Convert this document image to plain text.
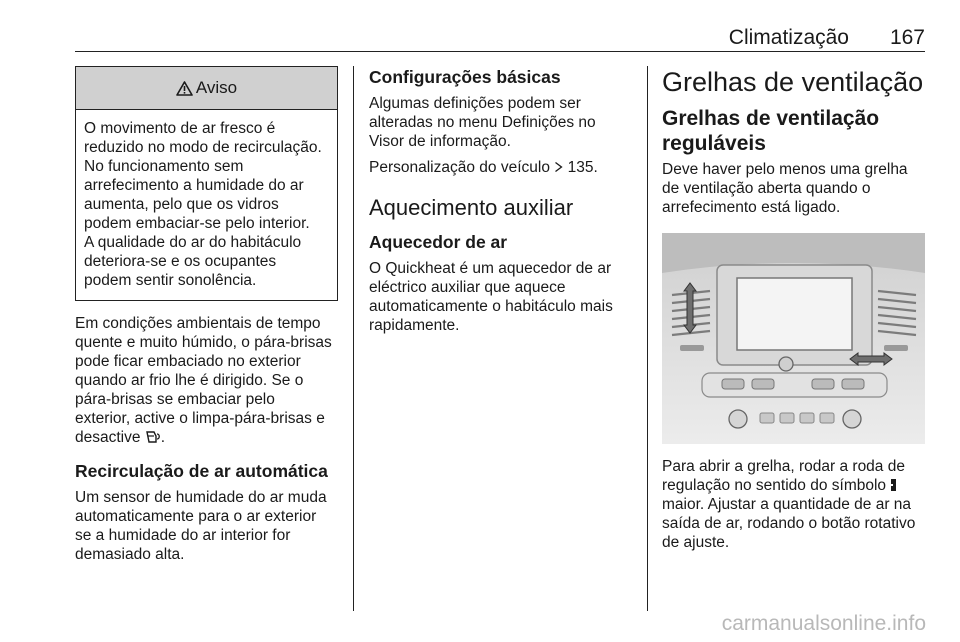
Climatização 167
Aviso
O movimento de ar fresco é
reduzido no modo de recirculação.
No funcionamento sem
arrefecimento a humidade do ar
aumenta, pelo que os vidros
podem embaciar-se pelo interior.
A qualidade do ar do habitáculo
deteriora-se e os ocupantes
podem sentir sonolência.

Em condições ambientais de tempo
quente e muito húmido, o pára-brisas
pode ficar embaciado no exterior
quando ar frio lhe é dirigido. Se o
pára-brisas se embaciar pelo
exterior, active o limpa-pára-brisas e
desactive .

Recirculação de ar automática

Um sensor de humidade do ar muda
automaticamente para o ar exterior
se a humidade do ar interior for
demasiado alta.

Configurações básicas

Algumas definições podem ser
alteradas no menu Definições no
Visor de informação.

Personalização do veículo 135.

Aquecimento auxiliar
Aquecedor de ar

O Quickheat é um aquecedor de ar
eléctrico auxiliar que aquece
automaticamente o habitáculo mais
rapidamente.

Grelhas de ventilação
Grelhas de ventilação
reguláveis

Deve haver pelo menos uma grelha
de ventilação aberta quando o
arrefecimento está ligado.

Para abrir a grelha, rodar a roda de
regulação no sentido do símbolo
maior. Ajustar a quantidade de ar na
saída de ar, rodando o botão rotativo
de ajuste.

carmanualsonline.info
